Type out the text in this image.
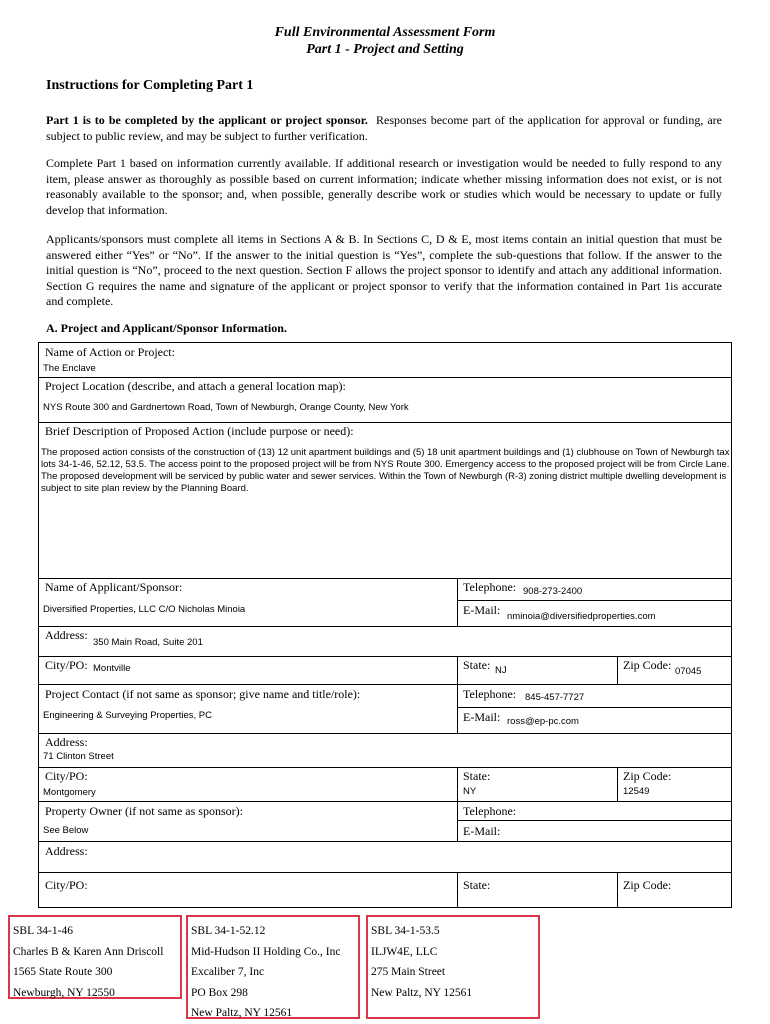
Full Environmental Assessment Form
Part 1 - Project and Setting
Instructions for Completing Part 1
Part 1 is to be completed by the applicant or project sponsor. Responses become part of the application for approval or funding, are subject to public review, and may be subject to further verification.
Complete Part 1 based on information currently available. If additional research or investigation would be needed to fully respond to any item, please answer as thoroughly as possible based on current information; indicate whether missing information does not exist, or is not reasonably available to the sponsor; and, when possible, generally describe work or studies which would be necessary to update or fully develop that information.
Applicants/sponsors must complete all items in Sections A & B. In Sections C, D & E, most items contain an initial question that must be answered either “Yes” or “No”. If the answer to the initial question is “Yes”, complete the sub-questions that follow. If the answer to the initial question is “No”, proceed to the next question. Section F allows the project sponsor to identify and attach any additional information. Section G requires the name and signature of the applicant or project sponsor to verify that the information contained in Part 1is accurate and complete.
A. Project and Applicant/Sponsor Information.
Name of Action or Project:
The Enclave
Project Location (describe, and attach a general location map):
NYS Route 300 and Gardnertown Road, Town of Newburgh, Orange County, New York
Brief Description of Proposed Action (include purpose or need):
The proposed action consists of the construction of (13) 12 unit apartment buildings and (5) 18 unit apartment buildings and (1) clubhouse on Town of Newburgh tax lots 34-1-46, 52.12, 53.5. The access point to the proposed project will be from NYS Route 300. Emergency access to the proposed project will be from Circle Lane. The proposed development will be serviced by public water and sewer services. Within the Town of Newburgh (R-3) zoning district multiple dwelling development is subject to site plan review by the Planning Board.
Name of Applicant/Sponsor:
Diversified Properties, LLC C/O Nicholas Minoia
Telephone: 908-273-2400
E-Mail: nminoia@diversifiedproperties.com
Address:
350 Main Road, Suite 201
City/PO: Montville	State: NJ	Zip Code: 07045
Project Contact (if not same as sponsor; give name and title/role):
Engineering & Surveying Properties, PC
Telephone: 845-457-7727
E-Mail: ross@ep-pc.com
Address:
71 Clinton Street
City/PO:
Montgomery
State:
NY
Zip Code:
12549
Property Owner (if not same as sponsor):
See Below
Telephone:
E-Mail:
Address:
City/PO:	State:	Zip Code:
SBL 34-1-46
Charles B & Karen Ann Driscoll
1565 State Route 300
Newburgh, NY 12550
SBL 34-1-52.12
Mid-Hudson II Holding Co., Inc
Excaliber 7, Inc
PO Box 298
New Paltz, NY 12561
SBL 34-1-53.5
ILJW4E, LLC
275 Main Street
New Paltz, NY 12561
